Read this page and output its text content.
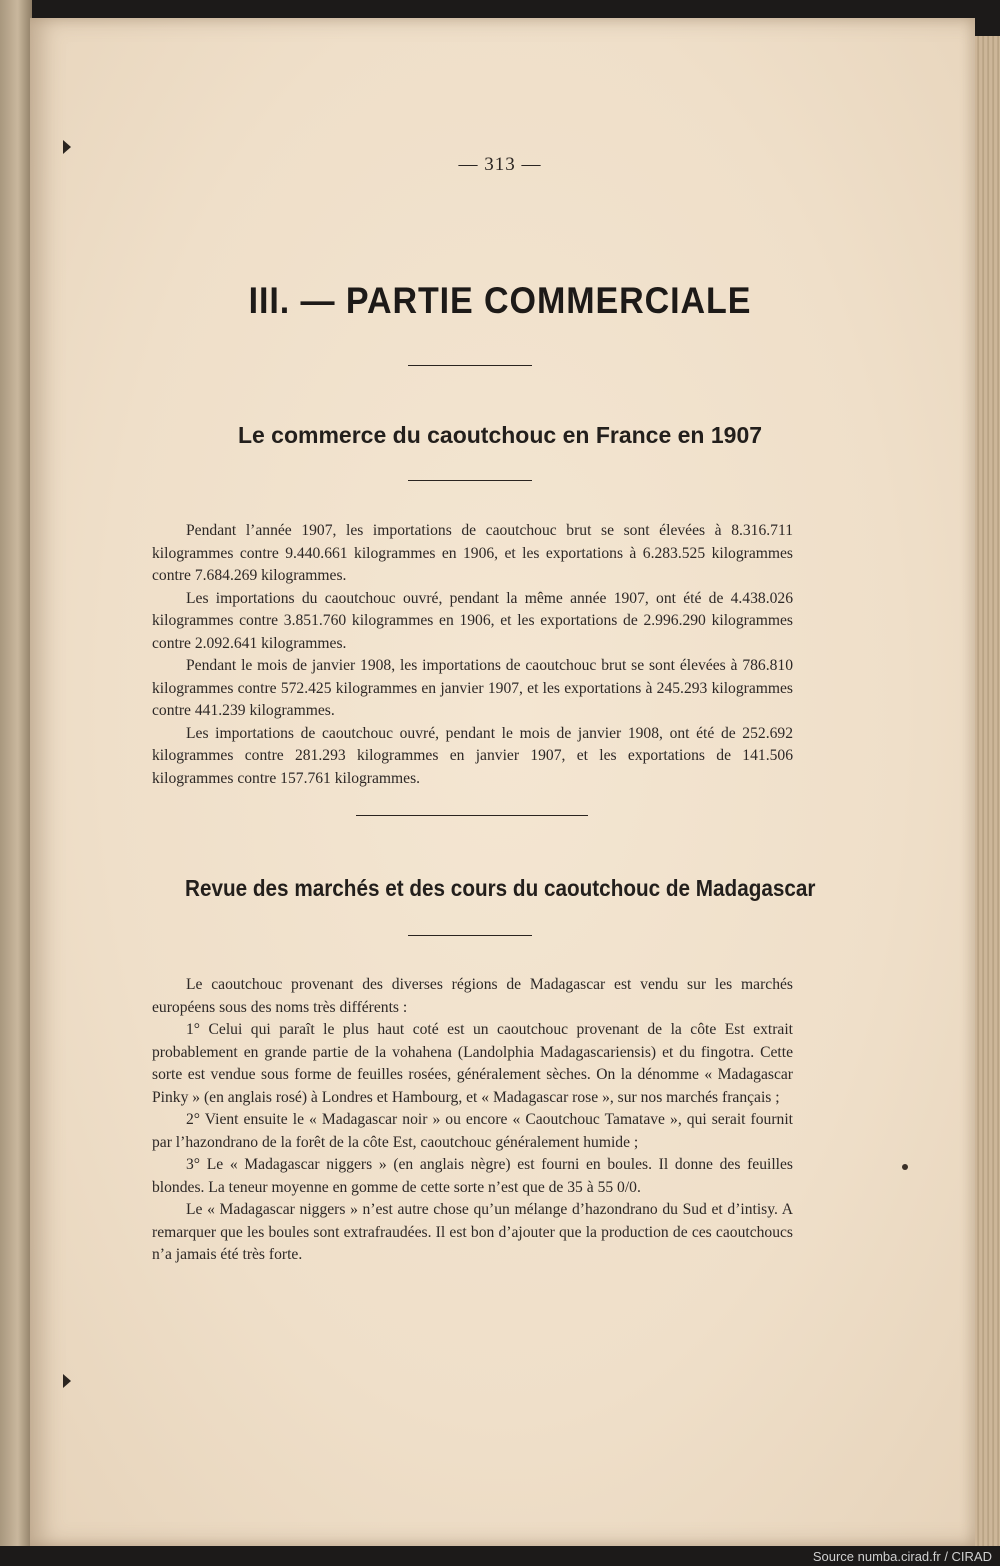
— 313 —
III. — PARTIE COMMERCIALE
Le commerce du caoutchouc en France en 1907

Pendant l’année 1907, les importations de caoutchouc brut se sont élevées à 8.316.711 kilogrammes contre 9.440.661 kilogrammes en 1906, et les exportations à 6.283.525 kilogrammes contre 7.684.269 kilogrammes.

Les importations du caoutchouc ouvré, pendant la même année 1907, ont été de 4.438.026 kilogrammes contre 3.851.760 kilogrammes en 1906, et les exportations de 2.996.290 kilogrammes contre 2.092.641 kilogrammes.

Pendant le mois de janvier 1908, les importations de caoutchouc brut se sont élevées à 786.810 kilogrammes contre 572.425 kilogrammes en janvier 1907, et les exportations à 245.293 kilogrammes contre 441.239 kilogrammes.

Les importations de caoutchouc ouvré, pendant le mois de janvier 1908, ont été de 252.692 kilogrammes contre 281.293 kilogrammes en janvier 1907, et les exportations de 141.506 kilogrammes contre 157.761 kilogrammes.

Revue des marchés et des cours du caoutchouc de Madagascar

Le caoutchouc provenant des diverses régions de Madagascar est vendu sur les marchés européens sous des noms très différents :

1° Celui qui paraît le plus haut coté est un caoutchouc provenant de la côte Est extrait probablement en grande partie de la vohahena (Landolphia Madagascariensis) et du fingotra. Cette sorte est vendue sous forme de feuilles rosées, généralement sèches. On la dénomme « Madagascar Pinky » (en anglais rosé) à Londres et Hambourg, et « Madagascar rose », sur nos marchés français ;

2° Vient ensuite le « Madagascar noir » ou encore « Caoutchouc Tamatave », qui serait fournit par l’hazondrano de la forêt de la côte Est, caoutchouc généralement humide ;

3° Le « Madagascar niggers » (en anglais nègre) est fourni en boules. Il donne des feuilles blondes. La teneur moyenne en gomme de cette sorte n’est que de 35 à 55 0/0.

Le « Madagascar niggers » n’est autre chose qu’un mélange d’hazondrano du Sud et d’intisy. A remarquer que les boules sont extrafraudées. Il est bon d’ajouter que la production de ces caoutchoucs n’a jamais été très forte.

Source numba.cirad.fr / CIRAD
